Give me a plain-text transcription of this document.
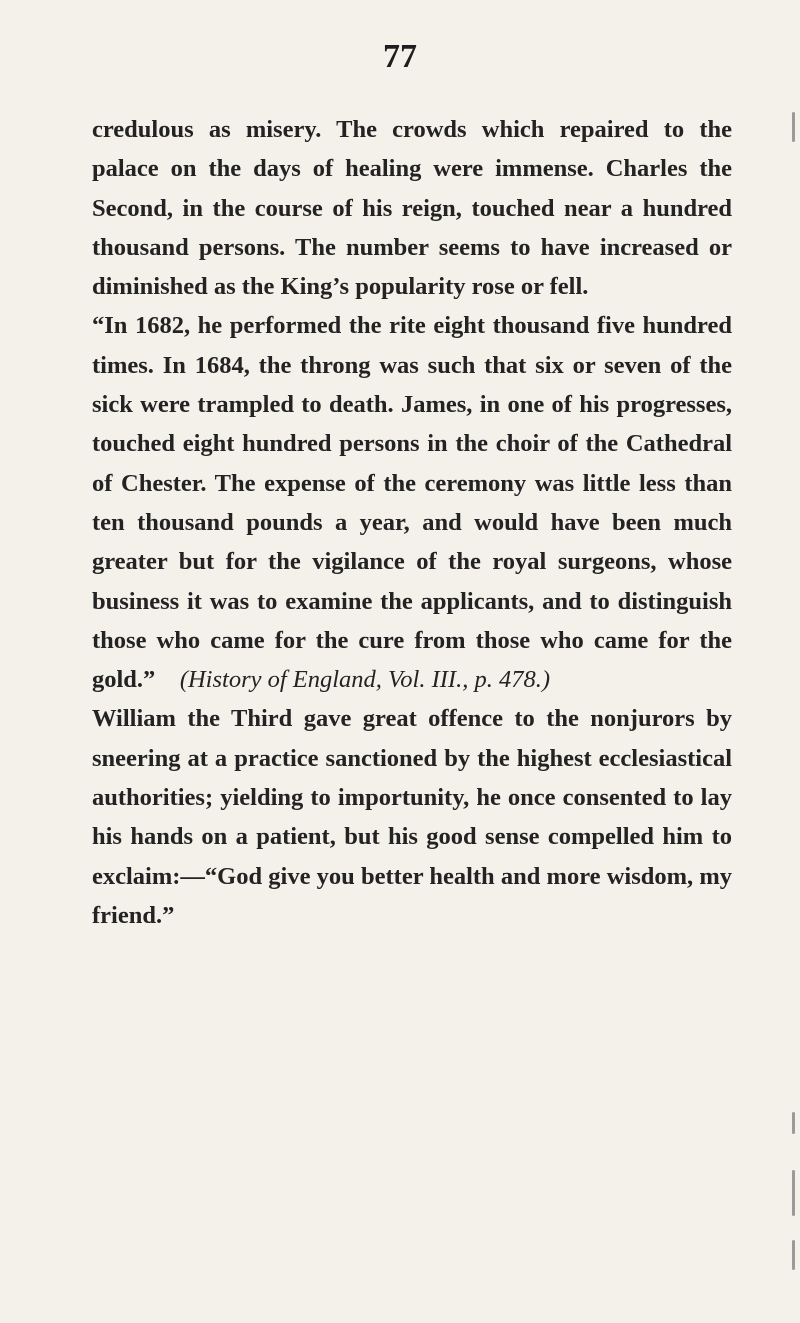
77

credulous as misery. The crowds which repaired to the palace on the days of healing were immense. Charles the Second, in the course of his reign, touched near a hundred thousand persons. The number seems to have increased or diminished as the King’s popularity rose or fell.

“In 1682, he performed the rite eight thousand five hundred times. In 1684, the throng was such that six or seven of the sick were trampled to death. James, in one of his progresses, touched eight hundred persons in the choir of the Cathedral of Chester. The expense of the ceremony was little less than ten thousand pounds a year, and would have been much greater but for the vigilance of the royal surgeons, whose business it was to examine the applicants, and to distinguish those who came for the cure from those who came for the gold.” (History of England, Vol. III., p. 478.)

William the Third gave great offence to the nonjurors by sneering at a practice sanctioned by the highest ecclesiastical authorities; yielding to importunity, he once consented to lay his hands on a patient, but his good sense compelled him to exclaim:—“God give you better health and more wisdom, my friend.”
